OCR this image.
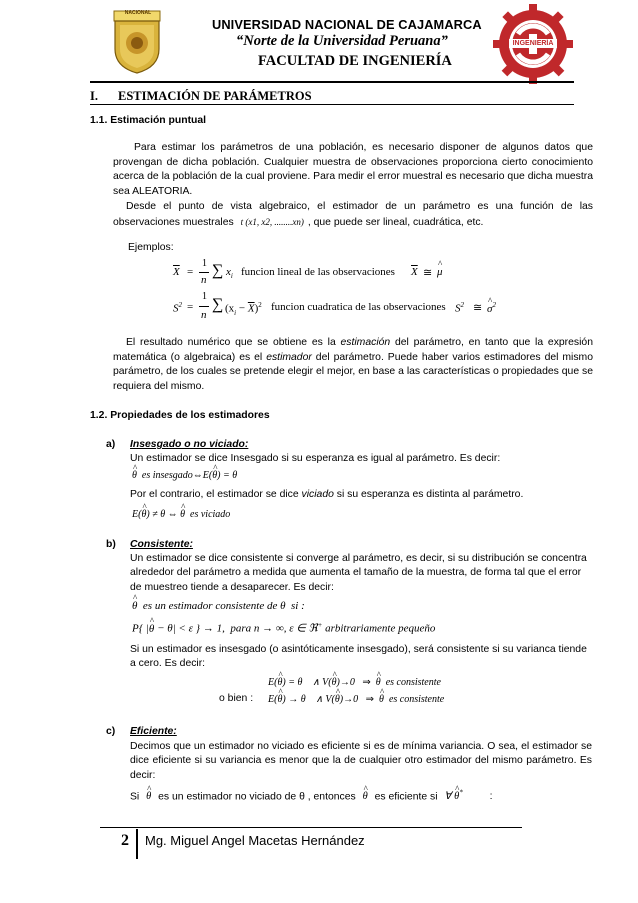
NACIONAL
UNIVERSIDAD NACIONAL DE CAJAMARCA
“Norte de la Universidad Peruana”
FACULTAD DE INGENIERÍA
INGENIERÍA
I. ESTIMACIÓN DE PARÁMETROS
1.1. Estimación puntual
Para estimar los parámetros de una población, es necesario disponer de algunos datos que provengan de dicha población. Cualquier muestra de observaciones proporciona cierto conocimiento acerca de la población de la cual proviene. Para medir el error muestral es necesario que dicha muestra sea ALEATORIA.
Desde el punto de vista algebraico, el estimador de un parámetro es una función de las observaciones muestrales t (x1, x2, ........xn) , que puede ser lineal, cuadrática, etc.
Ejemplos:
$\overline{X}$ =
1
n
∑ $x_i$ funcion lineal de las observaciones $\overline{X}$ ≅ μ ^
$S^2$ =
1
n
∑ $(x_i - \overline{X})^2$ funcion cuadratica de las observaciones $S^2$ ≅ σ ^$^2$
El resultado numérico que se obtiene es la estimación del parámetro, en tanto que la expresión matemática (o algebraica) es el estimador del parámetro. Puede haber varios estimadores del mismo parámetro, de los cuales se pretende elegir el mejor, en base a las características o propiedades que se requiera del mismo.
1.2. Propiedades de los estimadores
a) Insesgado o no viciado:
Un estimador se dice Insesgado si su esperanza es igual al parámetro. Es decir:
θ ^ es insesgado⇔E(θ ^) = θ
Por el contrario, el estimador se dice viciado si su esperanza es distinta al parámetro.
E(θ ^) ≠ θ ⇔ θ ^ es viciado
b) Consistente:
Un estimador se dice consistente si converge al parámetro, es decir, si su distribución se concentra alrededor del parámetro a medida que aumenta el tamaño de la muestra, de forma tal que el error de muestreo tiende a desaparecer. Es decir:
θ ^ es un estimador consistente de θ  si :
P{ |θ ^ − θ| < ε } → 1,  para n → ∞, ε ∈ ℜ+ arbitrariamente pequeño
Si un estimador es insesgado (o asintóticamente insesgado), será consistente si su varianca tiende a cero. Es decir:
E(θ ^) = θ    ∧ V(θ ^)→0   ⇒ θ ^ es consistente
o bien : E(θ ^) → θ    ∧ V(θ ^)→0   ⇒ θ ^ es consistente
c) Eficiente:
Decimos que un estimador no viciado es eficiente si es de mínima variancia. O sea, el estimador se dice eficiente si su variancia es menor que la de cualquier otro estimador del mismo parámetro. Es decir:
Si θ ^ es un estimador no viciado de θ , entonces θ ^ es eficiente si ∀ θ ^*	:
2 Mg. Miguel Angel Macetas Hernández
